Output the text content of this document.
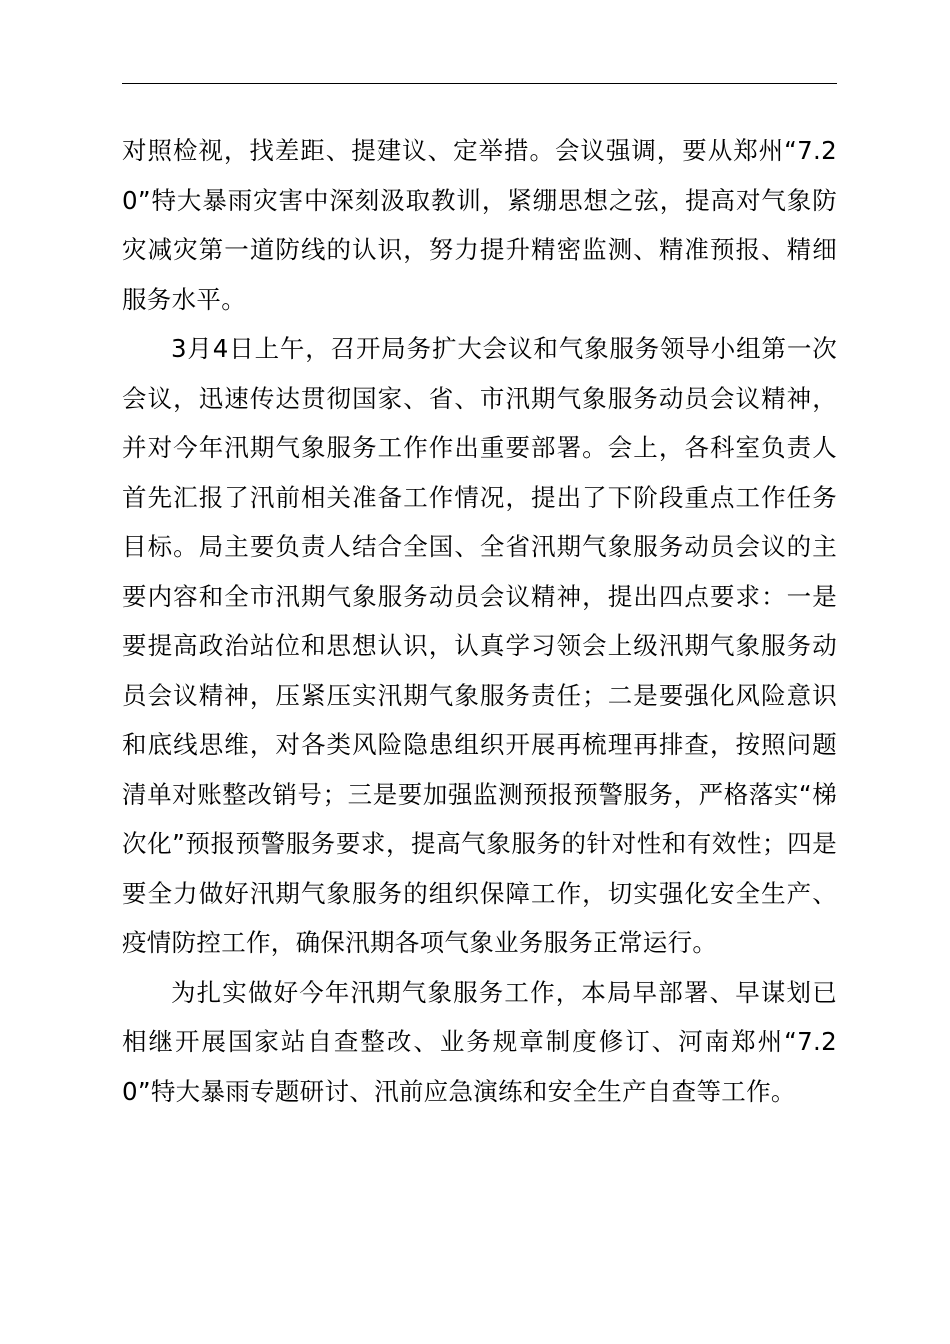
对照检视，找差距、提建议、定举措。会议强调，要从郑州“7.20”特大暴雨灾害中深刻汲取教训，紧绷思想之弦，提高对气象防灾减灾第一道防线的认识，努力提升精密监测、精准预报、精细服务水平。

3月4日上午，召开局务扩大会议和气象服务领导小组第一次会议，迅速传达贯彻国家、省、市汛期气象服务动员会议精神，并对今年汛期气象服务工作作出重要部署。会上，各科室负责人首先汇报了汛前相关准备工作情况，提出了下阶段重点工作任务目标。局主要负责人结合全国、全省汛期气象服务动员会议的主要内容和全市汛期气象服务动员会议精神，提出四点要求：一是要提高政治站位和思想认识，认真学习领会上级汛期气象服务动员会议精神，压紧压实汛期气象服务责任；二是要强化风险意识和底线思维，对各类风险隐患组织开展再梳理再排查，按照问题清单对账整改销号；三是要加强监测预报预警服务，严格落实“梯次化”预报预警服务要求，提高气象服务的针对性和有效性；四是要全力做好汛期气象服务的组织保障工作，切实强化安全生产、疫情防控工作，确保汛期各项气象业务服务正常运行。

为扎实做好今年汛期气象服务工作，本局早部署、早谋划已相继开展国家站自查整改、业务规章制度修订、河南郑州“7.20”特大暴雨专题研讨、汛前应急演练和安全生产自查等工作。
